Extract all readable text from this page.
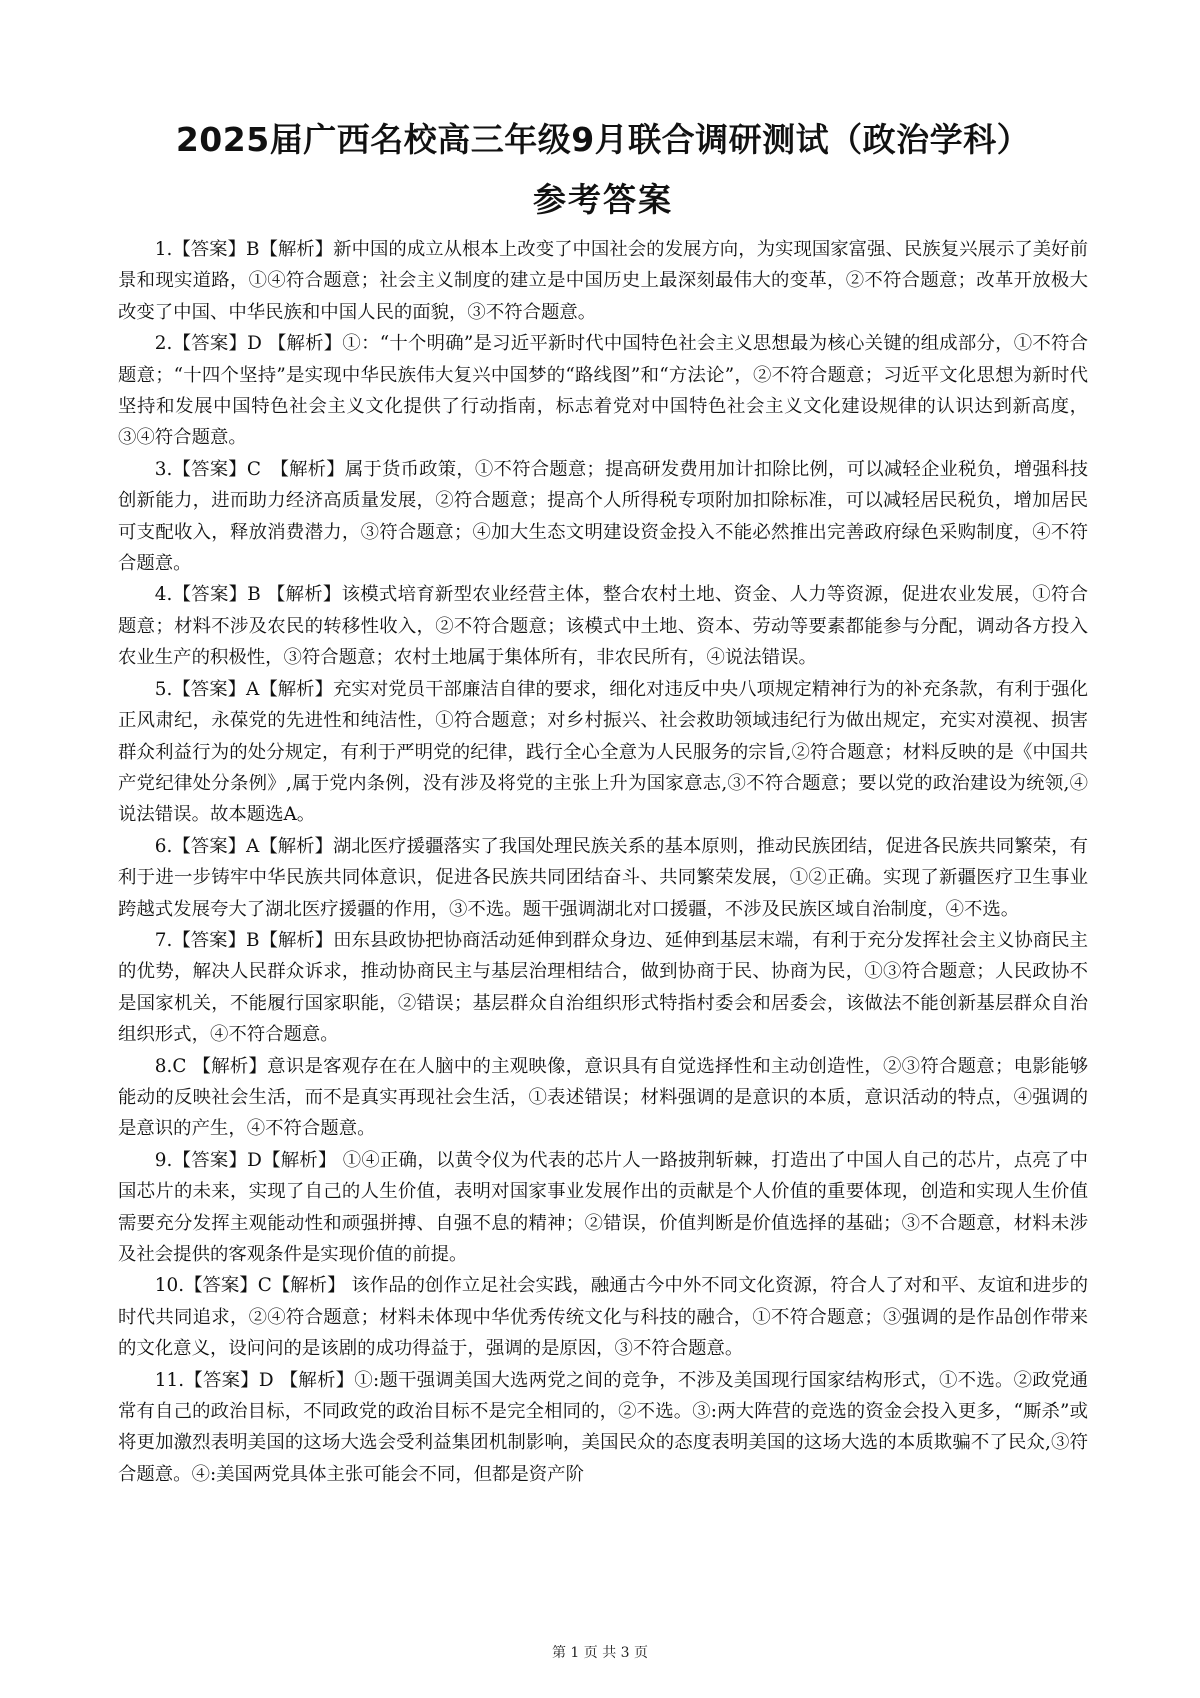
2025届广西名校高三年级9月联合调研测试（政治学科）
参考答案

1.【答案】B【解析】新中国的成立从根本上改变了中国社会的发展方向，为实现国家富强、民族复兴展示了美好前景和现实道路，①④符合题意；社会主义制度的建立是中国历史上最深刻最伟大的变革，②不符合题意；改革开放极大改变了中国、中华民族和中国人民的面貌，③不符合题意。

2.【答案】D 【解析】①：“十个明确”是习近平新时代中国特色社会主义思想最为核心关键的组成部分，①不符合题意；“十四个坚持”是实现中华民族伟大复兴中国梦的“路线图”和“方法论”，②不符合题意；习近平文化思想为新时代坚持和发展中国特色社会主义文化提供了行动指南，标志着党对中国特色社会主义文化建设规律的认识达到新高度，③④符合题意。

3.【答案】C　【解析】属于货币政策，①不符合题意；提高研发费用加计扣除比例，可以减轻企业税负，增强科技创新能力，进而助力经济高质量发展，②符合题意；提高个人所得税专项附加扣除标准，可以减轻居民税负，增加居民可支配收入，释放消费潜力，③符合题意；④加大生态文明建设资金投入不能必然推出完善政府绿色采购制度，④不符合题意。

4.【答案】B 【解析】该模式培育新型农业经营主体，整合农村土地、资金、人力等资源，促进农业发展，①符合题意；材料不涉及农民的转移性收入，②不符合题意；该模式中土地、资本、劳动等要素都能参与分配，调动各方投入农业生产的积极性，③符合题意；农村土地属于集体所有，非农民所有，④说法错误。

5.【答案】A【解析】充实对党员干部廉洁自律的要求，细化对违反中央八项规定精神行为的补充条款，有利于强化正风肃纪，永葆党的先进性和纯洁性，①符合题意；对乡村振兴、社会救助领域违纪行为做出规定，充实对漠视、损害群众利益行为的处分规定，有利于严明党的纪律，践行全心全意为人民服务的宗旨,②符合题意；材料反映的是《中国共产党纪律处分条例》,属于党内条例，没有涉及将党的主张上升为国家意志,③不符合题意；要以党的政治建设为统领,④说法错误。故本题选A。

6.【答案】A【解析】湖北医疗援疆落实了我国处理民族关系的基本原则，推动民族团结，促进各民族共同繁荣，有利于进一步铸牢中华民族共同体意识，促进各民族共同团结奋斗、共同繁荣发展，①②正确。实现了新疆医疗卫生事业跨越式发展夸大了湖北医疗援疆的作用，③不选。题干强调湖北对口援疆，不涉及民族区域自治制度，④不选。

7.【答案】B【解析】田东县政协把协商活动延伸到群众身边、延伸到基层末端，有利于充分发挥社会主义协商民主的优势，解决人民群众诉求，推动协商民主与基层治理相结合，做到协商于民、协商为民，①③符合题意；人民政协不是国家机关，不能履行国家职能，②错误；基层群众自治组织形式特指村委会和居委会，该做法不能创新基层群众自治组织形式，④不符合题意。

8.C 【解析】意识是客观存在在人脑中的主观映像，意识具有自觉选择性和主动创造性，②③符合题意；电影能够能动的反映社会生活，而不是真实再现社会生活，①表述错误；材料强调的是意识的本质，意识活动的特点，④强调的是意识的产生，④不符合题意。

9.【答案】D【解析】 ①④正确，以黄令仪为代表的芯片人一路披荆斩棘，打造出了中国人自己的芯片，点亮了中国芯片的未来，实现了自己的人生价值，表明对国家事业发展作出的贡献是个人价值的重要体现，创造和实现人生价值需要充分发挥主观能动性和顽强拼搏、自强不息的精神；②错误，价值判断是价值选择的基础；③不合题意，材料未涉及社会提供的客观条件是实现价值的前提。

10.【答案】C【解析】 该作品的创作立足社会实践，融通古今中外不同文化资源，符合人了对和平、友谊和进步的时代共同追求，②④符合题意；材料未体现中华优秀传统文化与科技的融合，①不符合题意；③强调的是作品创作带来的文化意义，设问问的是该剧的成功得益于，强调的是原因，③不符合题意。

11.【答案】D 【解析】①:题干强调美国大选两党之间的竞争，不涉及美国现行国家结构形式，①不选。②政党通常有自己的政治目标，不同政党的政治目标不是完全相同的，②不选。③:两大阵营的竞选的资金会投入更多，“厮杀”或将更加激烈表明美国的这场大选会受利益集团机制影响，美国民众的态度表明美国的这场大选的本质欺骗不了民众,③符合题意。④:美国两党具体主张可能会不同，但都是资产阶

第 1 页 共 3 页
